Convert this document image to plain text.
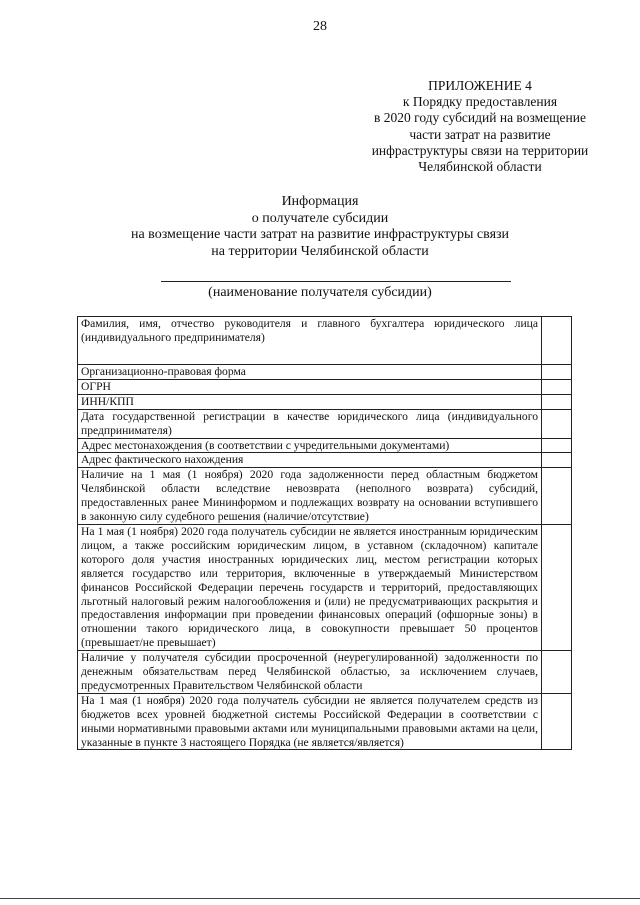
28
ПРИЛОЖЕНИЕ 4
к Порядку предоставления
в 2020 году субсидий на возмещение
части затрат на развитие
инфраструктуры связи на территории
Челябинской области
Информация
о получателе субсидии
на возмещение части затрат на развитие инфраструктуры связи
на территории Челябинской области
(наименование получателя субсидии)
Фамилия, имя, отчество руководителя и главного бухгалтера юридического лица (индивидуального предпринимателя)	
Организационно-правовая форма	
ОГРН	
ИНН/КПП	
Дата государственной регистрации в качестве юридического лица (индивидуального предпринимателя)	
Адрес местонахождения (в соответствии с учредительными документами)	
Адрес фактического нахождения	
Наличие на 1 мая (1 ноября) 2020 года задолженности перед областным бюджетом Челябинской области вследствие невозврата (неполного возврата) субсидий, предоставленных ранее Мининформом и подлежащих возврату на основании вступившего в законную силу судебного решения (наличие/отсутствие)	
На 1 мая (1 ноября) 2020 года получатель субсидии не является иностранным юридическим лицом, а также российским юридическим лицом, в уставном (складочном) капитале которого доля участия иностранных юридических лиц, местом регистрации которых является государство или территория, включенные в утверждаемый Министерством финансов Российской Федерации перечень государств и территорий, предоставляющих льготный налоговый режим налогообложения и (или) не предусматривающих раскрытия и предоставления информации при проведении финансовых операций (офшорные зоны) в отношении такого юридического лица, в совокупности превышает 50 процентов (превышает/не превышает)	
Наличие у получателя субсидии просроченной (неурегулированной) задолженности по денежным обязательствам перед Челябинской областью, за исключением случаев, предусмотренных Правительством Челябинской области	
На 1 мая (1 ноября) 2020 года получатель субсидии не является получателем средств из бюджетов всех уровней бюджетной системы Российской Федерации в соответствии с иными нормативными правовыми актами или муниципальными правовыми актами на цели, указанные в пункте 3 настоящего Порядка (не является/является)	
